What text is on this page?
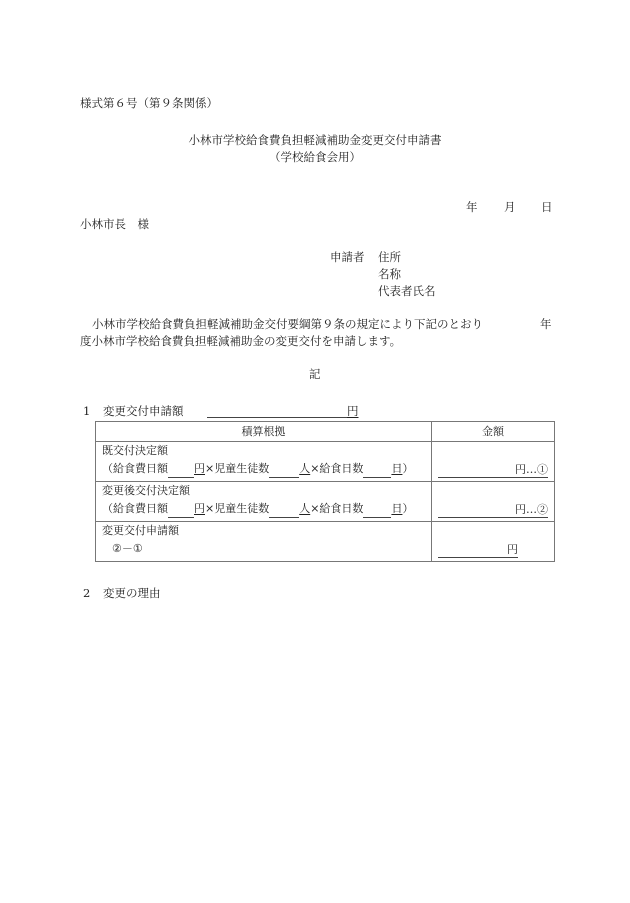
様式第６号（第９条関係）
小林市学校給食費負担軽減補助金変更交付申請書
（学校給食会用）
年 月 日
小林市長　様
申請者 住所
名称
代表者氏名
小林市学校給食費負担軽減補助金交付要綱第９条の規定により下記のとおり	年
度小林市学校給食費負担軽減補助金の変更交付を申請します。
記
1 変更交付申請額	円
積算根拠	金額

既交付決定額
（給食費日額 円×児童生徒数 人×給食日数 日）	円…①

変更後交付決定額
（給食費日額 円×児童生徒数 人×給食日数 日）	円…②

変更交付申請額
②－①	円
2 変更の理由
